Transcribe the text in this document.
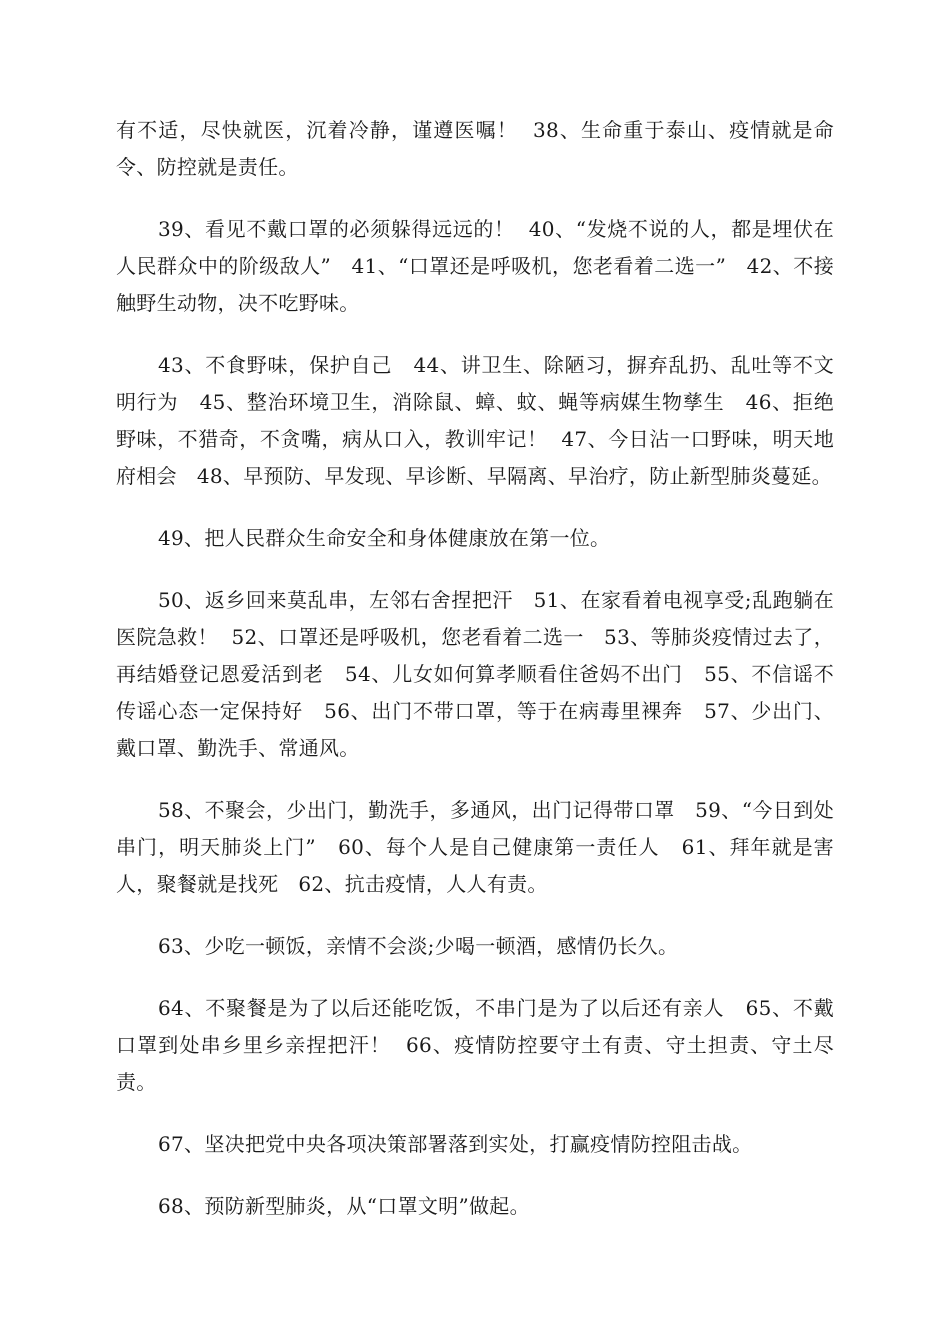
有不适，尽快就医，沉着冷静，谨遵医嘱！  38、生命重于泰山、疫情就是命令、防控就是责任。

39、看见不戴口罩的必须躲得远远的！  40、“发烧不说的人，都是埋伏在人民群众中的阶级敌人”   41、“口罩还是呼吸机，您老看着二选一”   42、不接触野生动物，决不吃野味。

43、不食野味，保护自己   44、讲卫生、除陋习，摒弃乱扔、乱吐等不文明行为   45、整治环境卫生，消除鼠、蟑、蚊、蝇等病媒生物孳生   46、拒绝野味，不猎奇，不贪嘴，病从口入，教训牢记！  47、今日沾一口野味，明天地府相会   48、早预防、早发现、早诊断、早隔离、早治疗，防止新型肺炎蔓延。

49、把人民群众生命安全和身体健康放在第一位。

50、返乡回来莫乱串，左邻右舍捏把汗   51、在家看着电视享受;乱跑躺在医院急救！  52、口罩还是呼吸机，您老看着二选一   53、等肺炎疫情过去了，再结婚登记恩爱活到老   54、儿女如何算孝顺看住爸妈不出门   55、不信谣不传谣心态一定保持好   56、出门不带口罩，等于在病毒里裸奔   57、少出门、戴口罩、勤洗手、常通风。

58、不聚会，少出门，勤洗手，多通风，出门记得带口罩   59、“今日到处串门，明天肺炎上门”   60、每个人是自己健康第一责任人   61、拜年就是害人，聚餐就是找死   62、抗击疫情，人人有责。

63、少吃一顿饭，亲情不会淡;少喝一顿酒，感情仍长久。

64、不聚餐是为了以后还能吃饭，不串门是为了以后还有亲人   65、不戴口罩到处串乡里乡亲捏把汗！  66、疫情防控要守土有责、守土担责、守土尽责。

67、坚决把党中央各项决策部署落到实处，打赢疫情防控阻击战。

68、预防新型肺炎，从“口罩文明”做起。
